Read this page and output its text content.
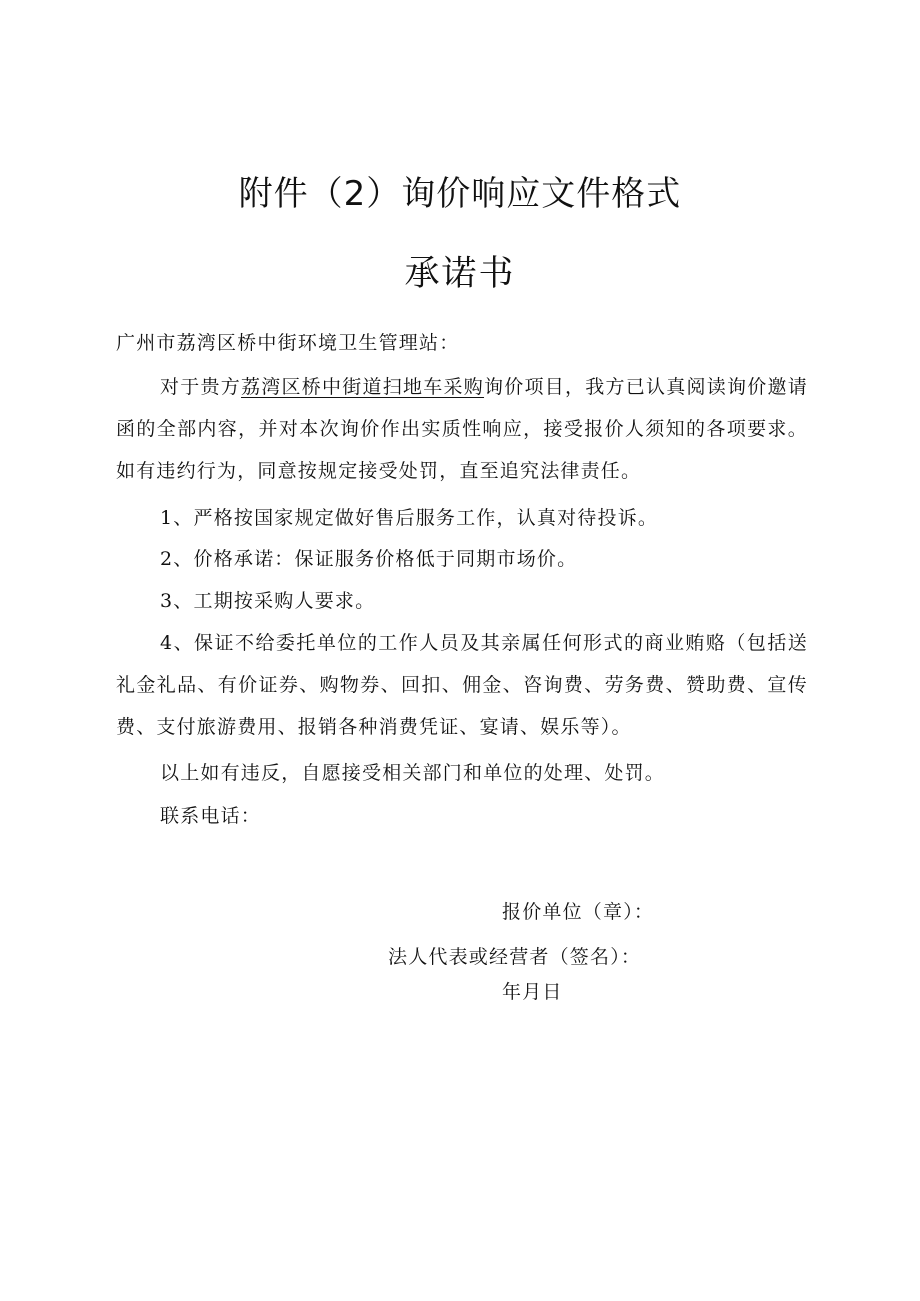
附件（2）询价响应文件格式
承诺书

广州市荔湾区桥中街环境卫生管理站：

对于贵方荔湾区桥中街道扫地车采购询价项目，我方已认真阅读询价邀请函的全部内容，并对本次询价作出实质性响应，接受报价人须知的各项要求。如有违约行为，同意按规定接受处罚，直至追究法律责任。

1、严格按国家规定做好售后服务工作，认真对待投诉。

2、价格承诺：保证服务价格低于同期市场价。

3、工期按采购人要求。

4、保证不给委托单位的工作人员及其亲属任何形式的商业贿赂（包括送礼金礼品、有价证券、购物券、回扣、佣金、咨询费、劳务费、赞助费、宣传费、支付旅游费用、报销各种消费凭证、宴请、娱乐等）。

以上如有违反，自愿接受相关部门和单位的处理、处罚。

联系电话：

报价单位（章）：

法人代表或经营者（签名）：

年月日
